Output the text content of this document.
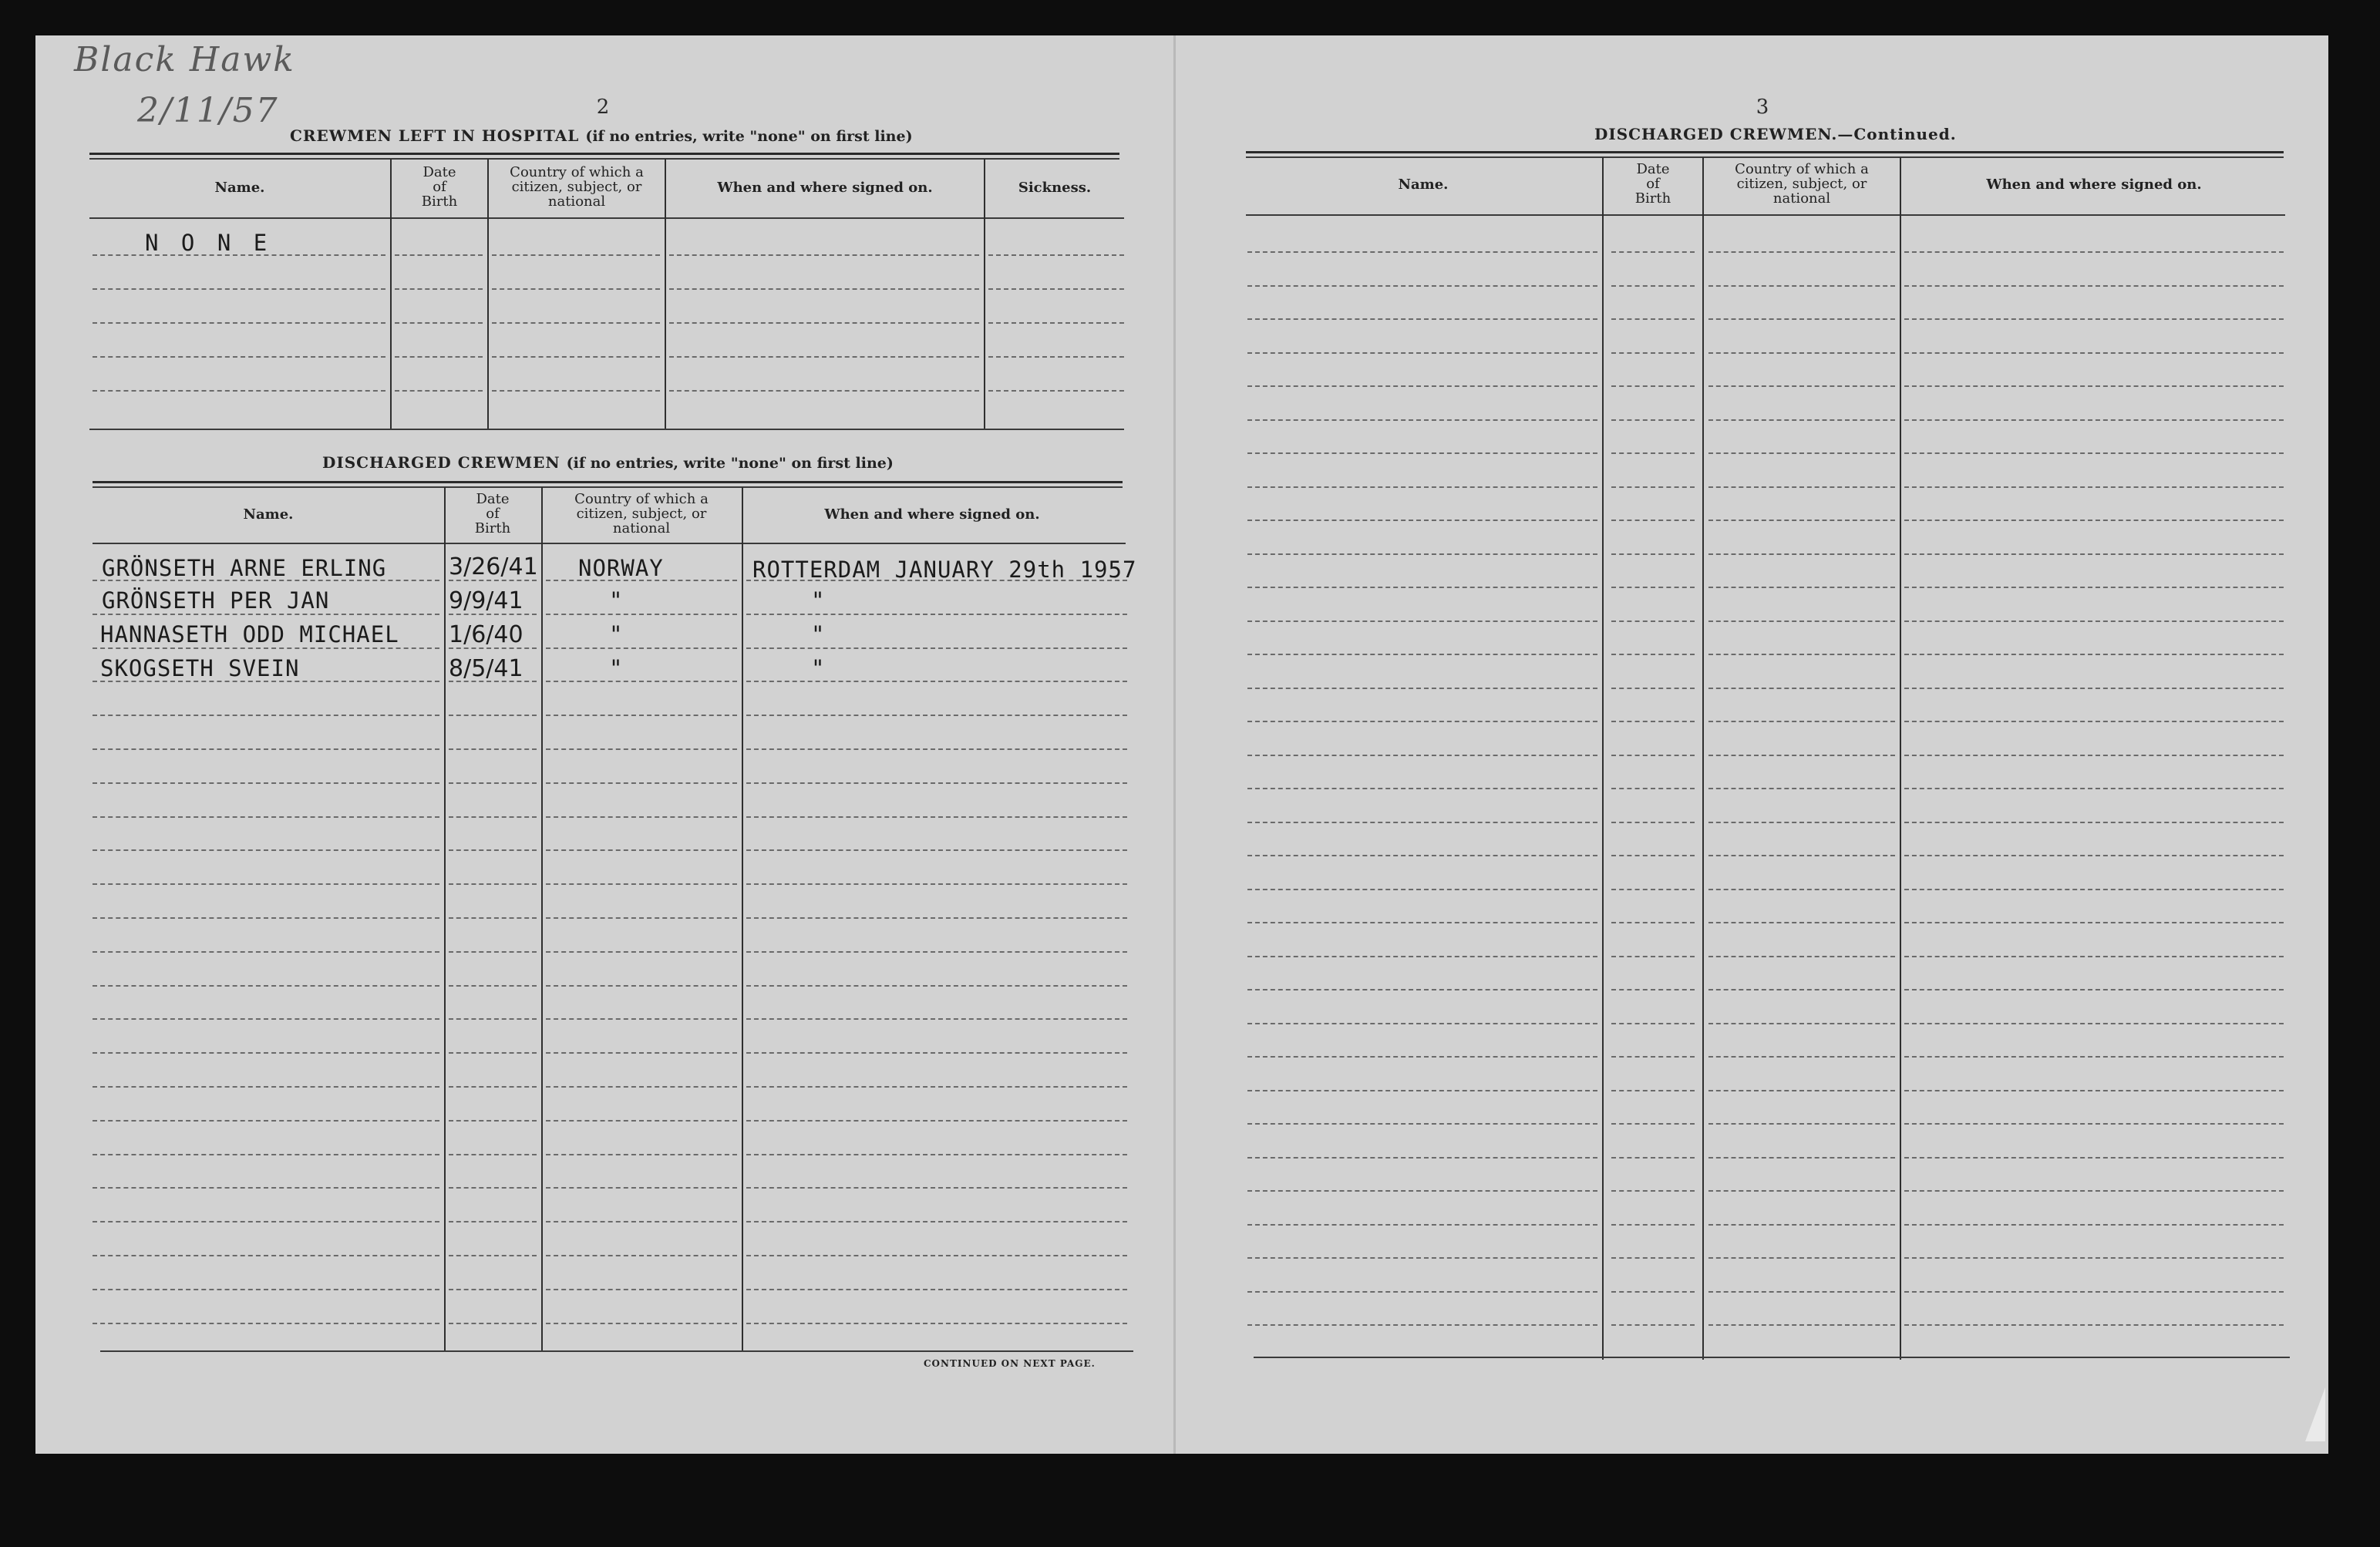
Black Hawk
2/11/57	2
CREWMEN LEFT IN HOSPITAL (if no entries, write "none" on first line)
Name.
Date
of
Birth
Country of which a
citizen, subject, or
national
When and where signed on.	Sickness.
N O N E
DISCHARGED CREWMEN (if no entries, write "none" on first line)
Name.
Date
of
Birth
Country of which a
citizen, subject, or
national
When and where signed on.
GRÖNSETH ARNE ERLING	3/26/41 NORWAY	ROTTERDAM JANUARY 29th 1957
GRÖNSETH PER JAN	9/9/41	"	"
HANNASETH ODD MICHAEL 1/6/40	"	"
SKOGSETH SVEIN	8/5/41	"	"
CONTINUED ON NEXT PAGE.
3
DISCHARGED CREWMEN.—Continued.
Name.
Date
of
Birth
Country of which a
citizen, subject, or
national
When and where signed on.
